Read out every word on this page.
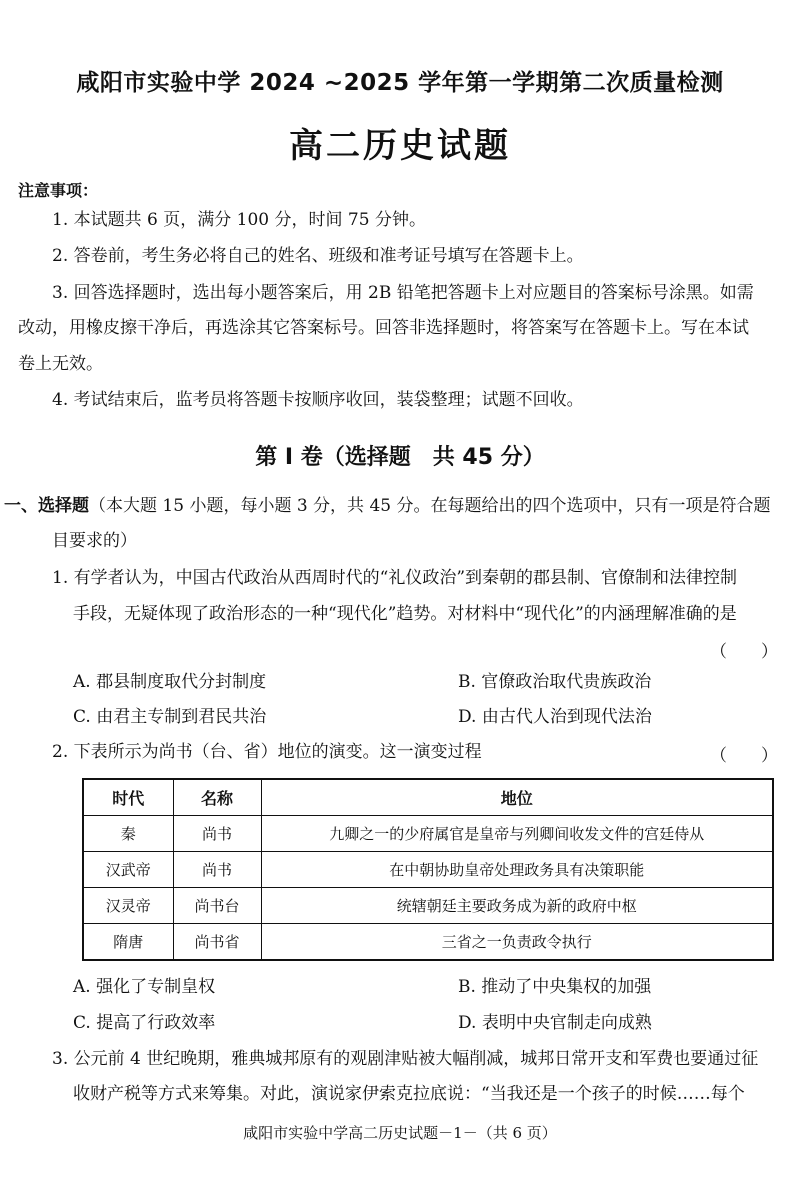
咸阳市实验中学 2024 ~2025 学年第一学期第二次质量检测
高二历史试题
注意事项：
1. 本试题共 6 页，满分 100 分，时间 75 分钟。
2. 答卷前，考生务必将自己的姓名、班级和准考证号填写在答题卡上。
3. 回答选择题时，选出每小题答案后，用 2B 铅笔把答题卡上对应题目的答案标号涂黑。如需
改动，用橡皮擦干净后，再选涂其它答案标号。回答非选择题时，将答案写在答题卡上。写在本试
卷上无效。
4. 考试结束后，监考员将答题卡按顺序收回，装袋整理；试题不回收。
第 Ⅰ 卷（选择题　共 45 分）
一、选择题（本大题 15 小题，每小题 3 分，共 45 分。在每题给出的四个选项中，只有一项是符合题
目要求的）
1. 有学者认为，中国古代政治从西周时代的“礼仪政治”到秦朝的郡县制、官僚制和法律控制
手段，无疑体现了政治形态的一种“现代化”趋势。对材料中“现代化”的内涵理解准确的是
（　　）
A. 郡县制度取代分封制度	B. 官僚政治取代贵族政治
C. 由君主专制到君民共治	D. 由古代人治到现代法治
2. 下表所示为尚书（台、省）地位的演变。这一演变过程	（　　）
时代	名称	地位
秦	尚书	九卿之一的少府属官是皇帝与列卿间收发文件的宫廷侍从
汉武帝	尚书	在中朝协助皇帝处理政务具有决策职能
汉灵帝	尚书台	统辖朝廷主要政务成为新的政府中枢
隋唐	尚书省	三省之一负责政令执行
A. 强化了专制皇权	B. 推动了中央集权的加强
C. 提高了行政效率	D. 表明中央官制走向成熟
3. 公元前 4 世纪晚期，雅典城邦原有的观剧津贴被大幅削减，城邦日常开支和军费也要通过征
收财产税等方式来筹集。对此，演说家伊索克拉底说：“当我还是一个孩子的时候……每个
咸阳市实验中学高二历史试题－1－（共 6 页）
